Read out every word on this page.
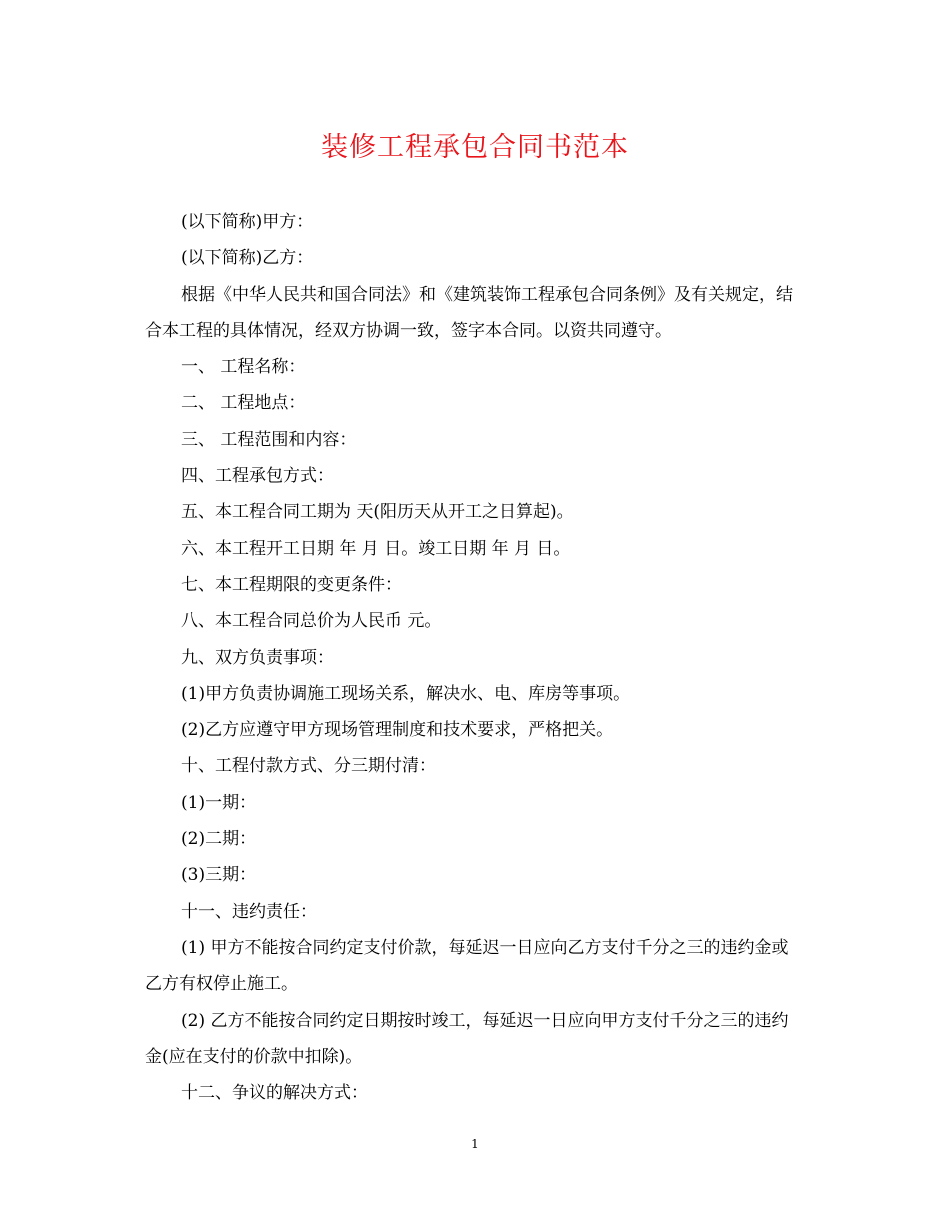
装修工程承包合同书范本

(以下简称)甲方：

(以下简称)乙方：

根据《中华人民共和国合同法》和《建筑装饰工程承包合同条例》及有关规定，结合本工程的具体情况，经双方协调一致，签字本合同。以资共同遵守。

一、 工程名称：

二、 工程地点：

三、 工程范围和内容：

四、工程承包方式：

五、本工程合同工期为 天(阳历天从开工之日算起)。

六、本工程开工日期 年 月 日。竣工日期 年 月 日。

七、本工程期限的变更条件：

八、本工程合同总价为人民币 元。

九、双方负责事项：

(1)甲方负责协调施工现场关系，解决水、电、库房等事项。

(2)乙方应遵守甲方现场管理制度和技术要求，严格把关。

十、工程付款方式、分三期付清：

(1)一期：

(2)二期：

(3)三期：

十一、违约责任：

(1) 甲方不能按合同约定支付价款，每延迟一日应向乙方支付千分之三的违约金或乙方有权停止施工。

(2) 乙方不能按合同约定日期按时竣工，每延迟一日应向甲方支付千分之三的违约金(应在支付的价款中扣除)。

十二、争议的解决方式：

1
